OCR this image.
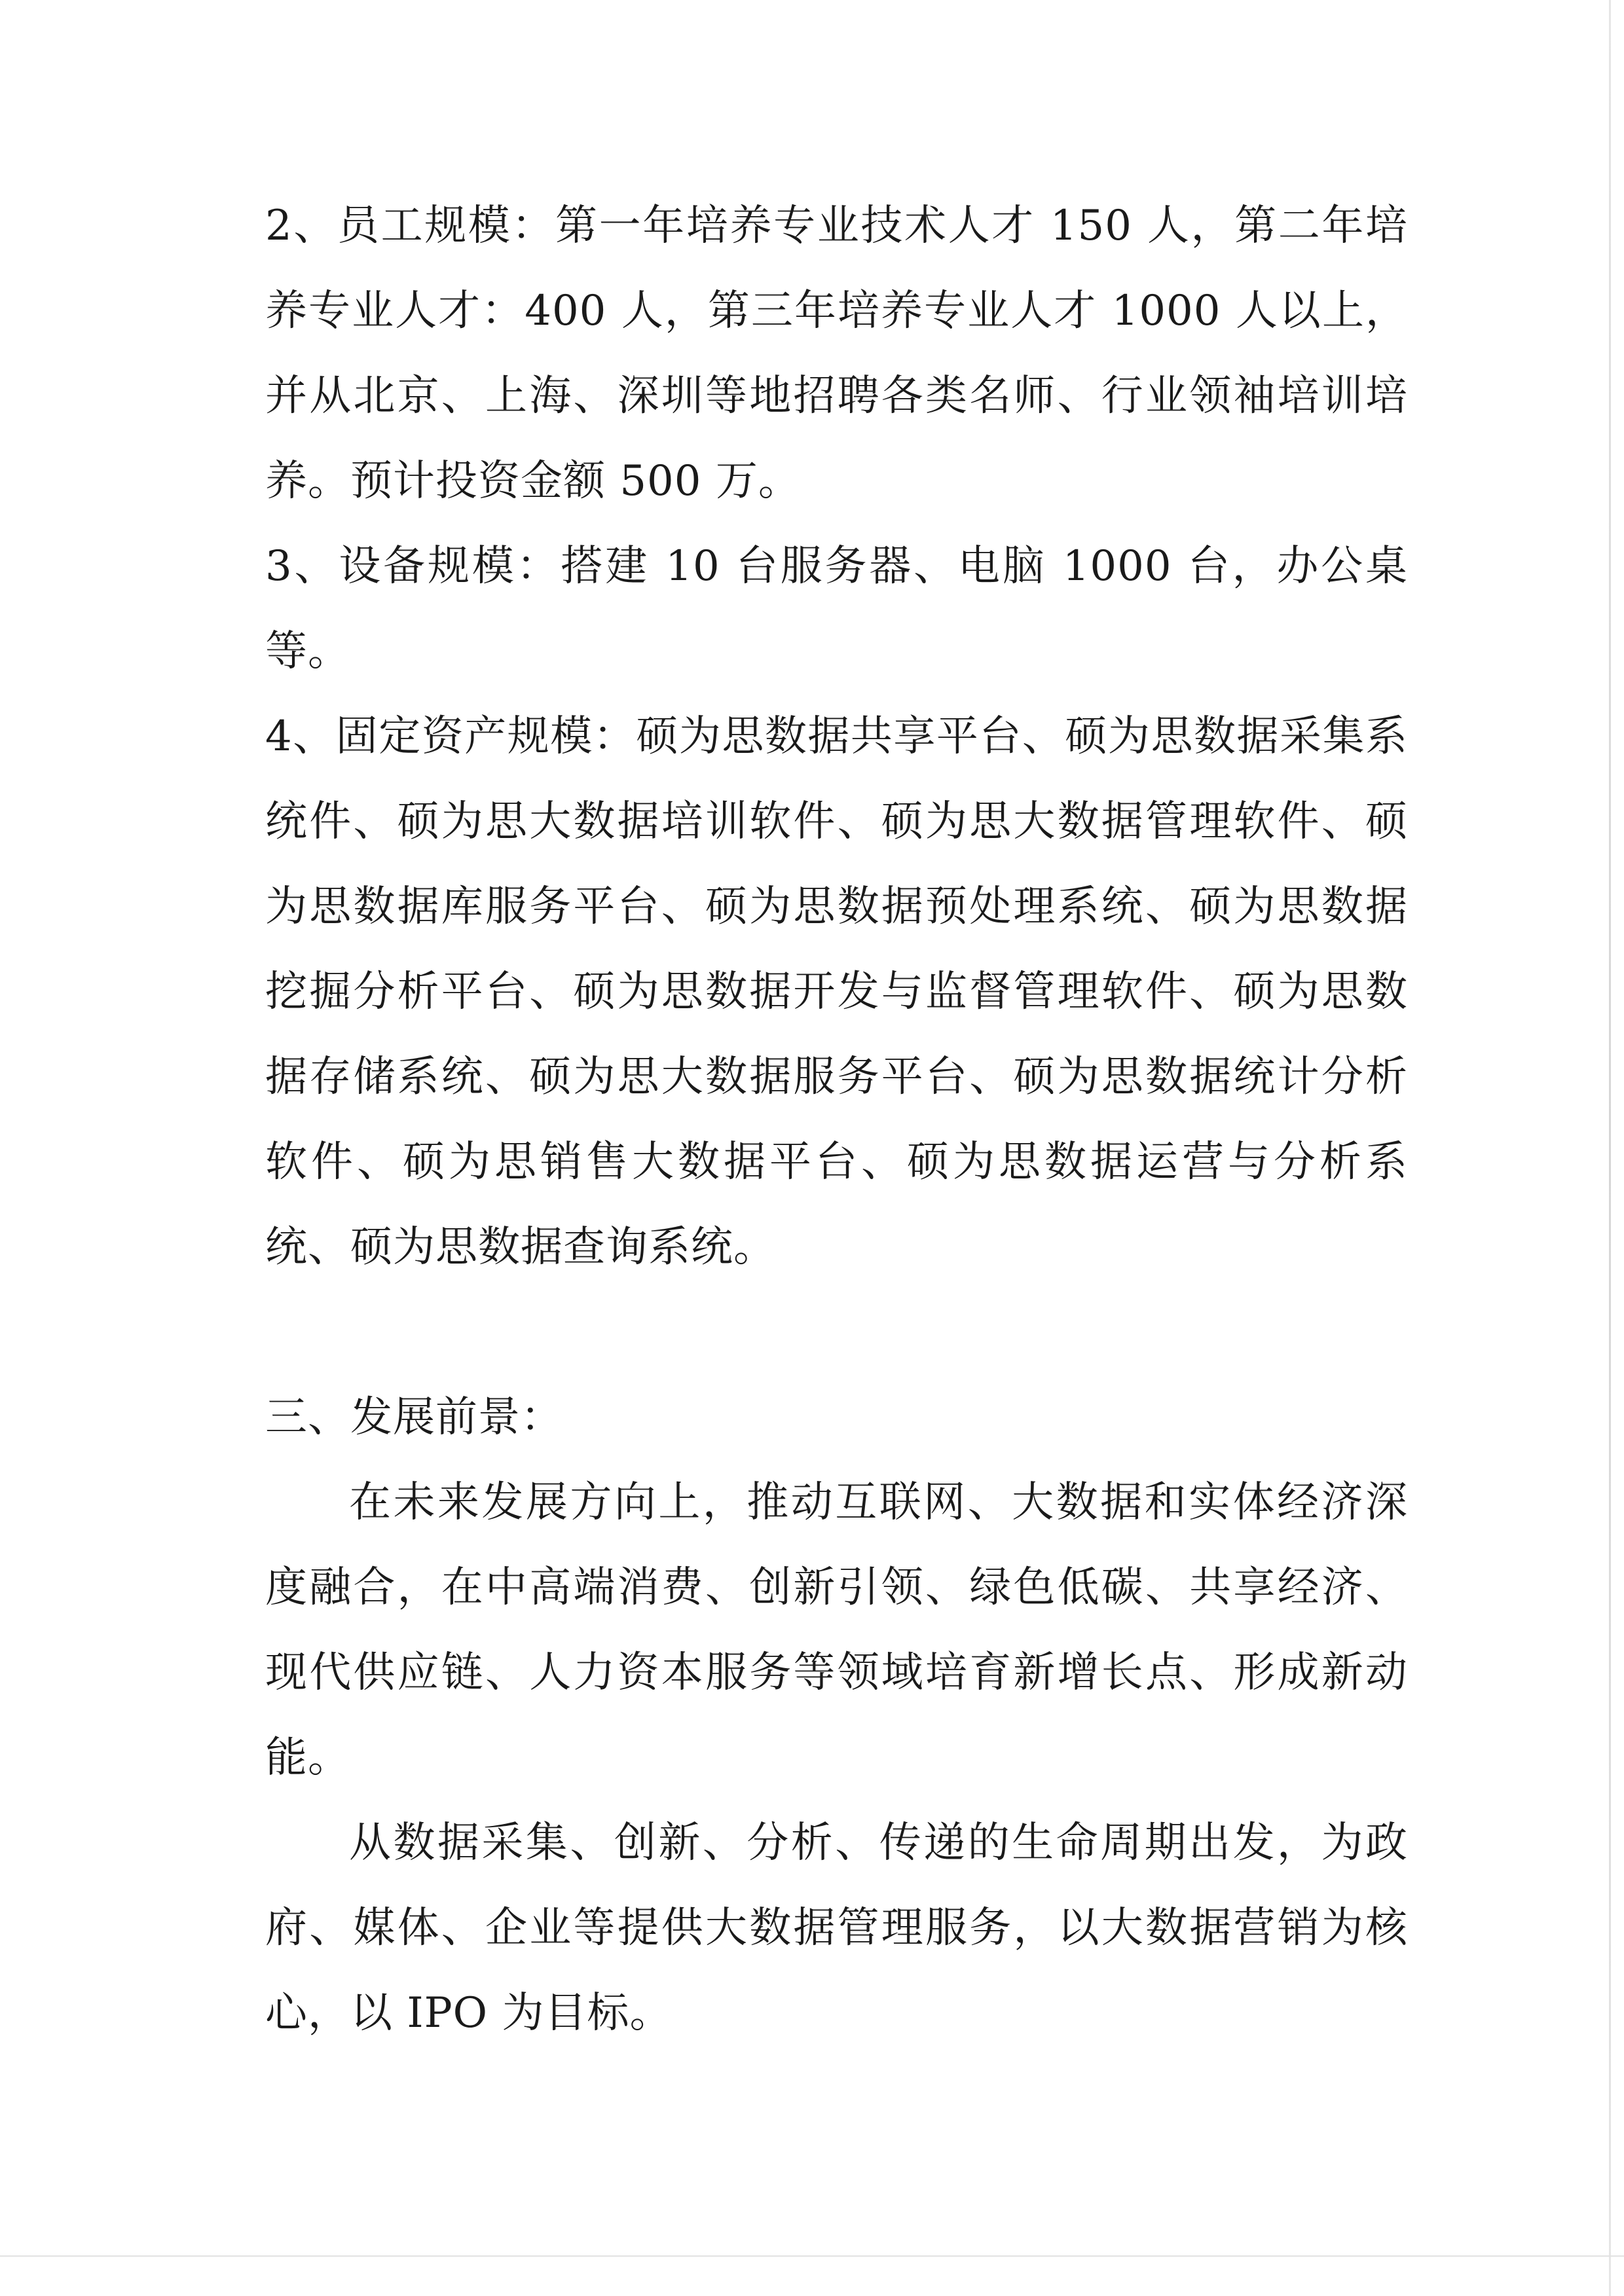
2、员工规模：第一年培养专业技术人才 150 人，第二年培养专业人才：400 人，第三年培养专业人才 1000 人以上，并从北京、上海、深圳等地招聘各类名师、行业领袖培训培养。预计投资金额 500 万。

3、设备规模：搭建 10 台服务器、电脑 1000 台，办公桌等。

4、固定资产规模：硕为思数据共享平台、硕为思数据采集系统件、硕为思大数据培训软件、硕为思大数据管理软件、硕为思数据库服务平台、硕为思数据预处理系统、硕为思数据挖掘分析平台、硕为思数据开发与监督管理软件、硕为思数据存储系统、硕为思大数据服务平台、硕为思数据统计分析软件、硕为思销售大数据平台、硕为思数据运营与分析系统、硕为思数据查询系统。

三、发展前景：

在未来发展方向上，推动互联网、大数据和实体经济深度融合，在中高端消费、创新引领、绿色低碳、共享经济、现代供应链、人力资本服务等领域培育新增长点、形成新动能。

从数据采集、创新、分析、传递的生命周期出发，为政府、媒体、企业等提供大数据管理服务，以大数据营销为核心，以 IPO 为目标。
